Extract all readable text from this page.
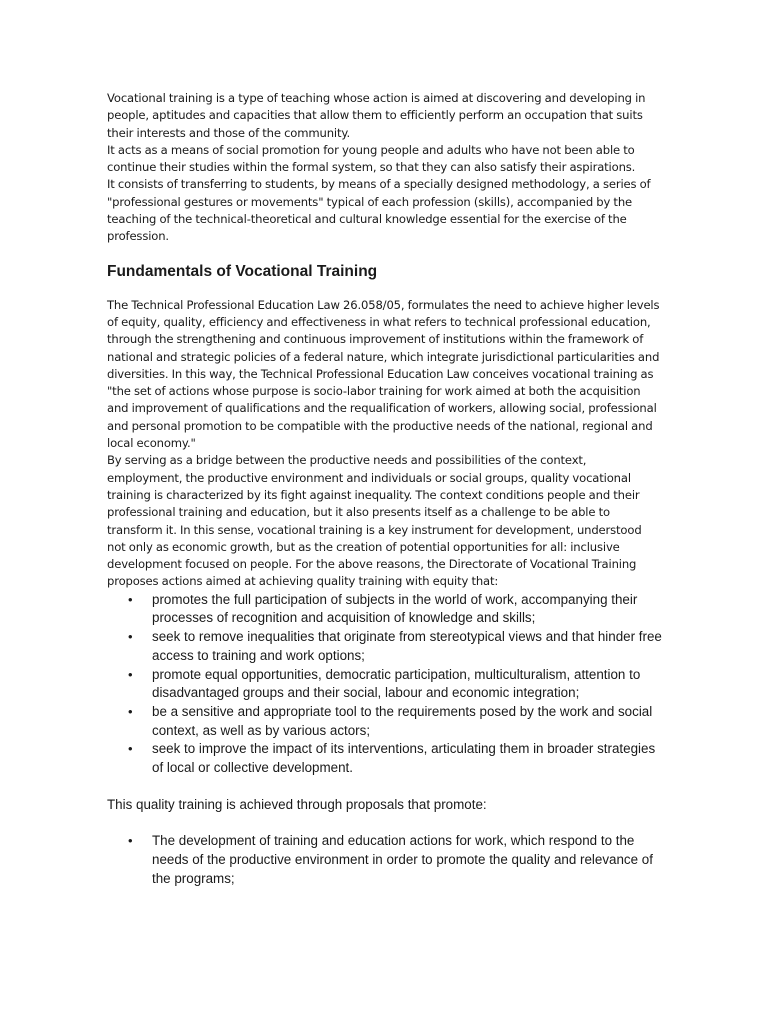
Vocational training is a type of teaching whose action is aimed at discovering and developing in people, aptitudes and capacities that allow them to efficiently perform an occupation that suits their interests and those of the community.

It acts as a means of social promotion for young people and adults who have not been able to continue their studies within the formal system, so that they can also satisfy their aspirations.

It consists of transferring to students, by means of a specially designed methodology, a series of "professional gestures or movements" typical of each profession (skills), accompanied by the teaching of the technical-theoretical and cultural knowledge essential for the exercise of the profession.

Fundamentals of Vocational Training

The Technical Professional Education Law 26.058/05, formulates the need to achieve higher levels of equity, quality, efficiency and effectiveness in what refers to technical professional education, through the strengthening and continuous improvement of institutions within the framework of national and strategic policies of a federal nature, which integrate jurisdictional particularities and diversities. In this way, the Technical Professional Education Law conceives vocational training as "the set of actions whose purpose is socio-labor training for work aimed at both the acquisition and improvement of qualifications and the requalification of workers, allowing social, professional and personal promotion to be compatible with the productive needs of the national, regional and local economy."

By serving as a bridge between the productive needs and possibilities of the context, employment, the productive environment and individuals or social groups, quality vocational training is characterized by its fight against inequality. The context conditions people and their professional training and education, but it also presents itself as a challenge to be able to transform it. In this sense, vocational training is a key instrument for development, understood not only as economic growth, but as the creation of potential opportunities for all: inclusive development focused on people. For the above reasons, the Directorate of Vocational Training proposes actions aimed at achieving quality training with equity that:

• promotes the full participation of subjects in the world of work, accompanying their processes of recognition and acquisition of knowledge and skills;
• seek to remove inequalities that originate from stereotypical views and that hinder free access to training and work options;
• promote equal opportunities, democratic participation, multiculturalism, attention to disadvantaged groups and their social, labour and economic integration;
• be a sensitive and appropriate tool to the requirements posed by the work and social context, as well as by various actors;
• seek to improve the impact of its interventions, articulating them in broader strategies of local or collective development.

This quality training is achieved through proposals that promote:

• The development of training and education actions for work, which respond to the needs of the productive environment in order to promote the quality and relevance of the programs;
